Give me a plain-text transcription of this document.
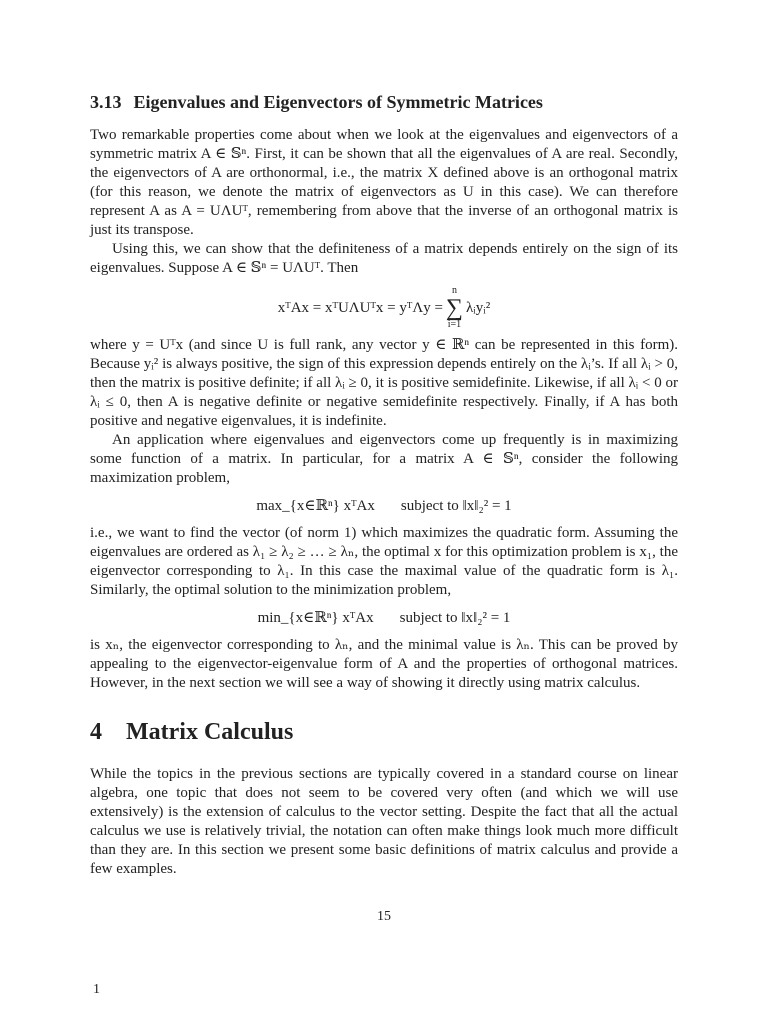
3.13 Eigenvalues and Eigenvectors of Symmetric Matrices

Two remarkable properties come about when we look at the eigenvalues and eigenvectors of a symmetric matrix A ∈ 𝕊ⁿ. First, it can be shown that all the eigenvalues of A are real. Secondly, the eigenvectors of A are orthonormal, i.e., the matrix X defined above is an orthogonal matrix (for this reason, we denote the matrix of eigenvectors as U in this case). We can therefore represent A as A = UΛUᵀ, remembering from above that the inverse of an orthogonal matrix is just its transpose.

Using this, we can show that the definiteness of a matrix depends entirely on the sign of its eigenvalues. Suppose A ∈ 𝕊ⁿ = UΛUᵀ. Then

xᵀAx = xᵀUΛUᵀx = yᵀΛy =
n
∑
i=1
λᵢyᵢ²

where y = Uᵀx (and since U is full rank, any vector y ∈ ℝⁿ can be represented in this form). Because yᵢ² is always positive, the sign of this expression depends entirely on the λᵢ’s. If all λᵢ > 0, then the matrix is positive definite; if all λᵢ ≥ 0, it is positive semidefinite. Likewise, if all λᵢ < 0 or λᵢ ≤ 0, then A is negative definite or negative semidefinite respectively. Finally, if A has both positive and negative eigenvalues, it is indefinite.

An application where eigenvalues and eigenvectors come up frequently is in maximizing some function of a matrix. In particular, for a matrix A ∈ 𝕊ⁿ, consider the following maximization problem,

max_{x∈ℝⁿ} xᵀAx subject to ‖x‖₂² = 1

i.e., we want to find the vector (of norm 1) which maximizes the quadratic form. Assuming the eigenvalues are ordered as λ₁ ≥ λ₂ ≥ … ≥ λₙ, the optimal x for this optimization problem is x₁, the eigenvector corresponding to λ₁. In this case the maximal value of the quadratic form is λ₁. Similarly, the optimal solution to the minimization problem,

min_{x∈ℝⁿ} xᵀAx subject to ‖x‖₂² = 1

is xₙ, the eigenvector corresponding to λₙ, and the minimal value is λₙ. This can be proved by appealing to the eigenvector-eigenvalue form of A and the properties of orthogonal matrices. However, in the next section we will see a way of showing it directly using matrix calculus.

4 Matrix Calculus

While the topics in the previous sections are typically covered in a standard course on linear algebra, one topic that does not seem to be covered very often (and which we will use extensively) is the extension of calculus to the vector setting. Despite the fact that all the actual calculus we use is relatively trivial, the notation can often make things look much more difficult than they are. In this section we present some basic definitions of matrix calculus and provide a few examples.

15
1
